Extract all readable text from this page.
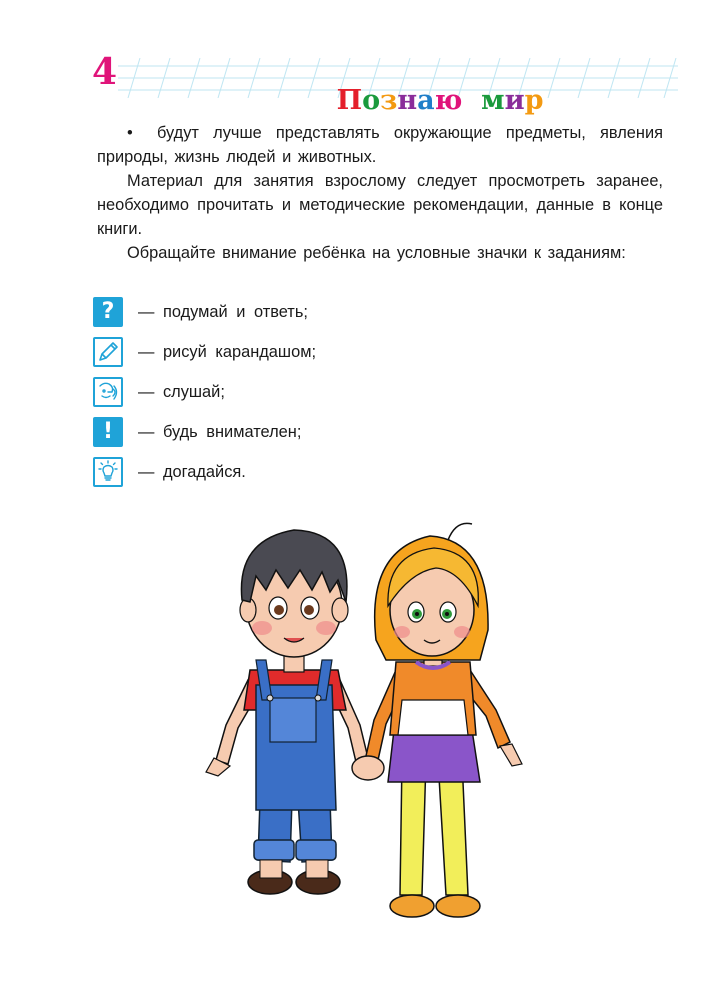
4

Познаю мир

• будут лучше представлять окружающие предметы, явления природы, жизнь людей и животных.
Материал для занятия взрослому следует просмотреть заранее, необходимо прочитать и методические рекомендации, данные в конце книги.
Обращайте внимание ребёнка на условные значки к заданиям:
?	— подумай и ответь;
— рисуй карандашом;
— слушай;
!	— будь внимателен;
— догадайся.
